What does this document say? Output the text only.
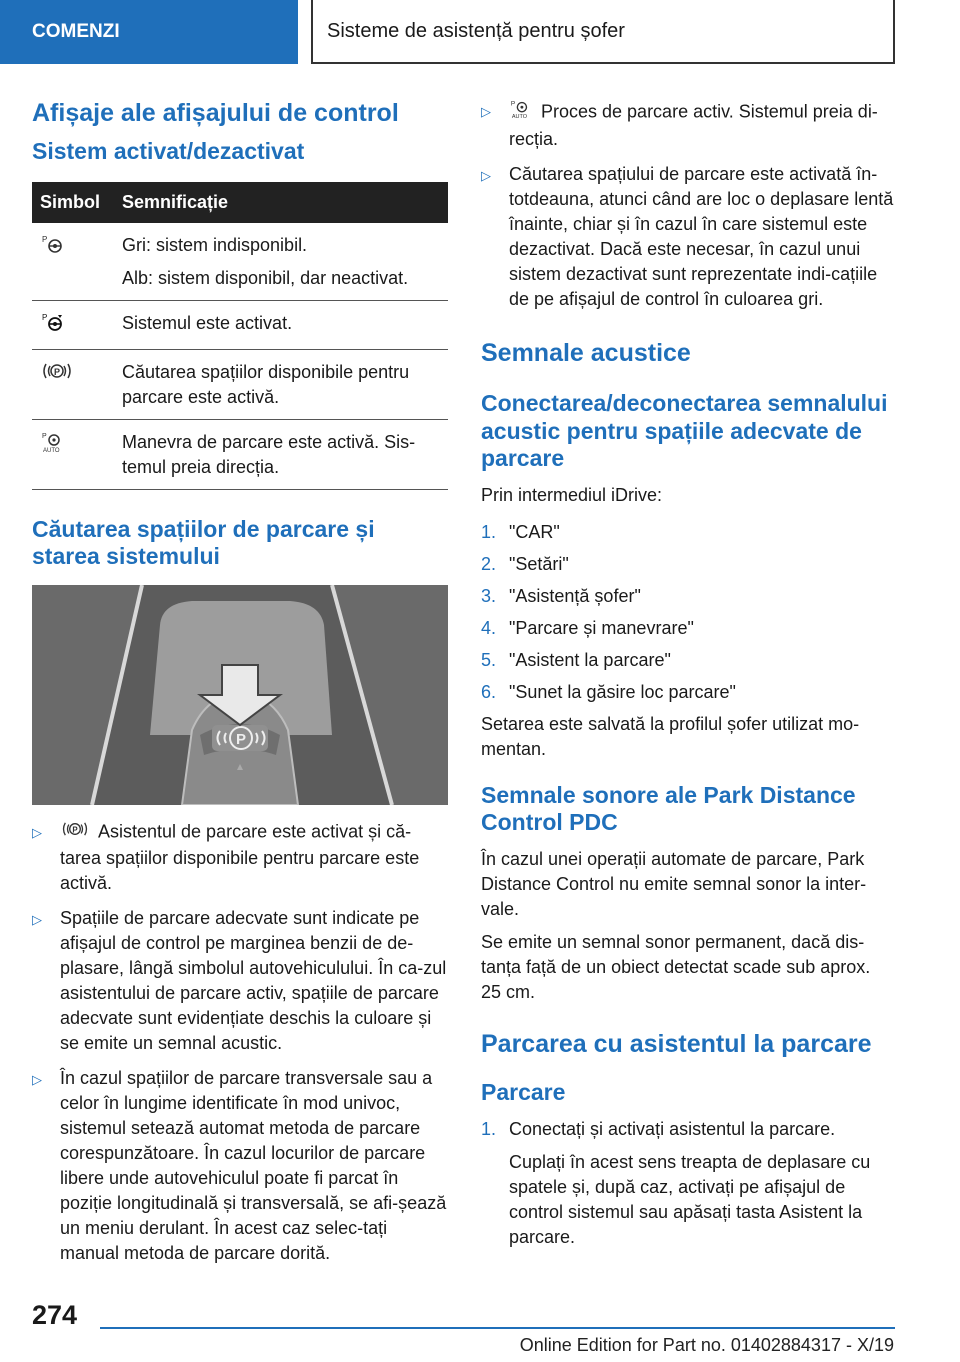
COMENZI	Sisteme de asistență pentru șofer
Afișaje ale afișajului de control
Sistem activat/dezactivat
Simbol	Semnificație

P	Gri: sistem indisponibil.
Alb: sistem disponibil, dar neactivat.

P	Sistemul este activat.

P	Căutarea spațiilor disponibile pentru parcare este activă.

P
AUTO	Manevra de parcare este activă. Sis-temul preia direcția.
Căutarea spațiilor de parcare și starea sistemului
P
▷	P Asistentul de parcare este activat și că-tarea spațiilor disponibile pentru parcare este activă.
▷	Spațiile de parcare adecvate sunt indicate pe afișajul de control pe marginea benzii de de-plasare, lângă simbolul autovehiculului. În ca-zul asistentului de parcare activ, spațiile de parcare adecvate sunt evidențiate deschis la culoare și se emite un semnal acustic.
▷	În cazul spațiilor de parcare transversale sau a celor în lungime identificate în mod univoc, sistemul setează automat metoda de parcare corespunzătoare. În cazul locurilor de parcare libere unde autovehiculul poate fi parcat în poziție longitudinală și transversală, se afi-șează un meniu derulant. În acest caz selec-tați manual metoda de parcare dorită.
▷
P
AUTO Proces de parcare activ. Sistemul preia di-recția.
▷	Căutarea spațiului de parcare este activată în-totdeauna, atunci când are loc o deplasare lentă înainte, chiar și în cazul în care sistemul este dezactivat. Dacă este necesar, în cazul unui sistem dezactivat sunt reprezentate indi-cațiile de pe afișajul de control în culoarea gri.
Semnale acustice
Conectarea/deconectarea semnalului acustic pentru spațiile adecvate de parcare

Prin intermediul iDrive:

1. "CAR"
2. "Setări"
3. "Asistență șofer"
4. "Parcare și manevrare"
5. "Asistent la parcare"
6. "Sunet la găsire loc parcare"

Setarea este salvată la profilul șofer utilizat mo-mentan.

Semnale sonore ale Park Distance Control PDC

În cazul unei operații automate de parcare, Park Distance Control nu emite semnal sonor la inter-vale.

Se emite un semnal sonor permanent, dacă dis-tanța față de un obiect detectat scade sub aprox. 25 cm.

Parcarea cu asistentul la parcare
Parcare
1. Conectați și activați asistentul la parcare.
Cuplați în acest sens treapta de deplasare cu spatele și, după caz, activați pe afișajul de control sistemul sau apăsați tasta Asistent la parcare.
274
Online Edition for Part no. 01402884317 - X/19
